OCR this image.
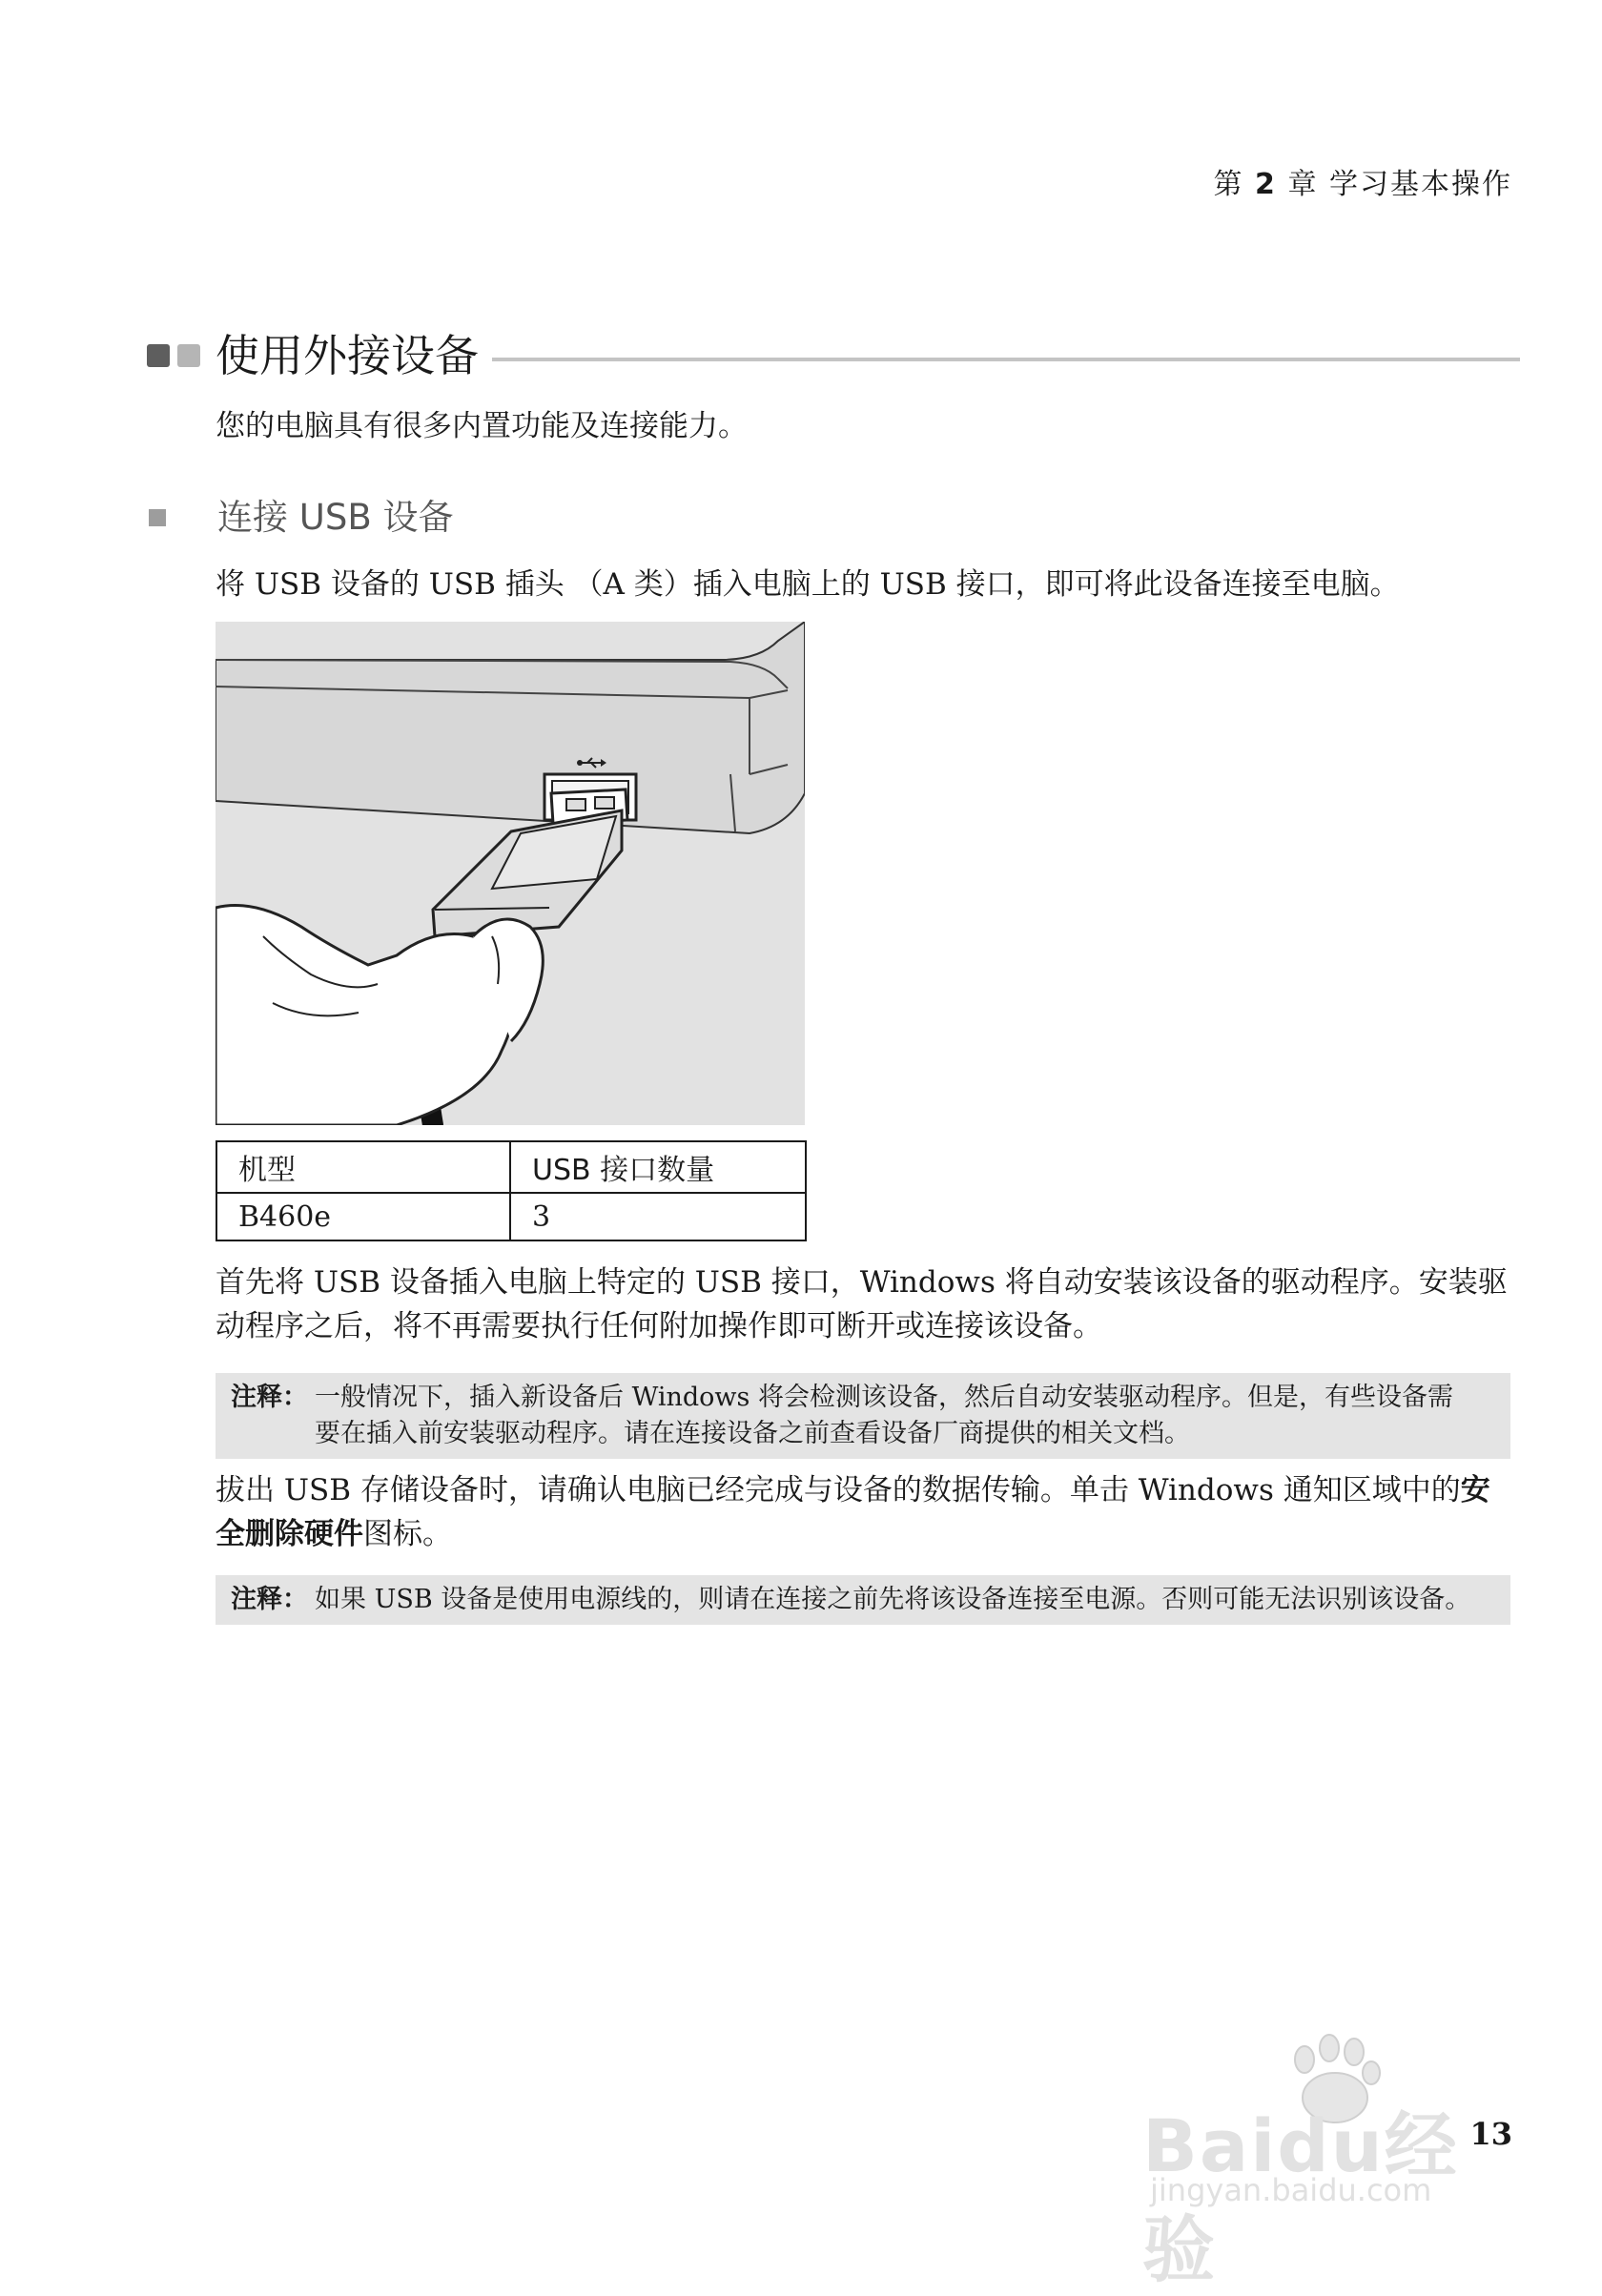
第 2 章 学习基本操作
使用外接设备
您的电脑具有很多内置功能及连接能力。
连接 USB 设备
将 USB 设备的 USB 插头 （A 类）插入电脑上的 USB 接口，即可将此设备连接至电脑。
机型	USB 接口数量
B460e	3
首先将 USB 设备插入电脑上特定的 USB 接口，Windows 将自动安装该设备的驱动程序。安装驱
动程序之后，将不再需要执行任何附加操作即可断开或连接该设备。
注释： 一般情况下，插入新设备后 Windows 将会检测该设备，然后自动安装驱动程序。但是，有些设备需
要在插入前安装驱动程序。请在连接设备之前查看设备厂商提供的相关文档。
拔出 USB 存储设备时，请确认电脑已经完成与设备的数据传输。单击 Windows 通知区域中的安
全删除硬件图标。
注释： 如果 USB 设备是使用电源线的，则请在连接之前先将该设备连接至电源。否则可能无法识别该设备。
Baidu经验
jingyan.baidu.com
13
